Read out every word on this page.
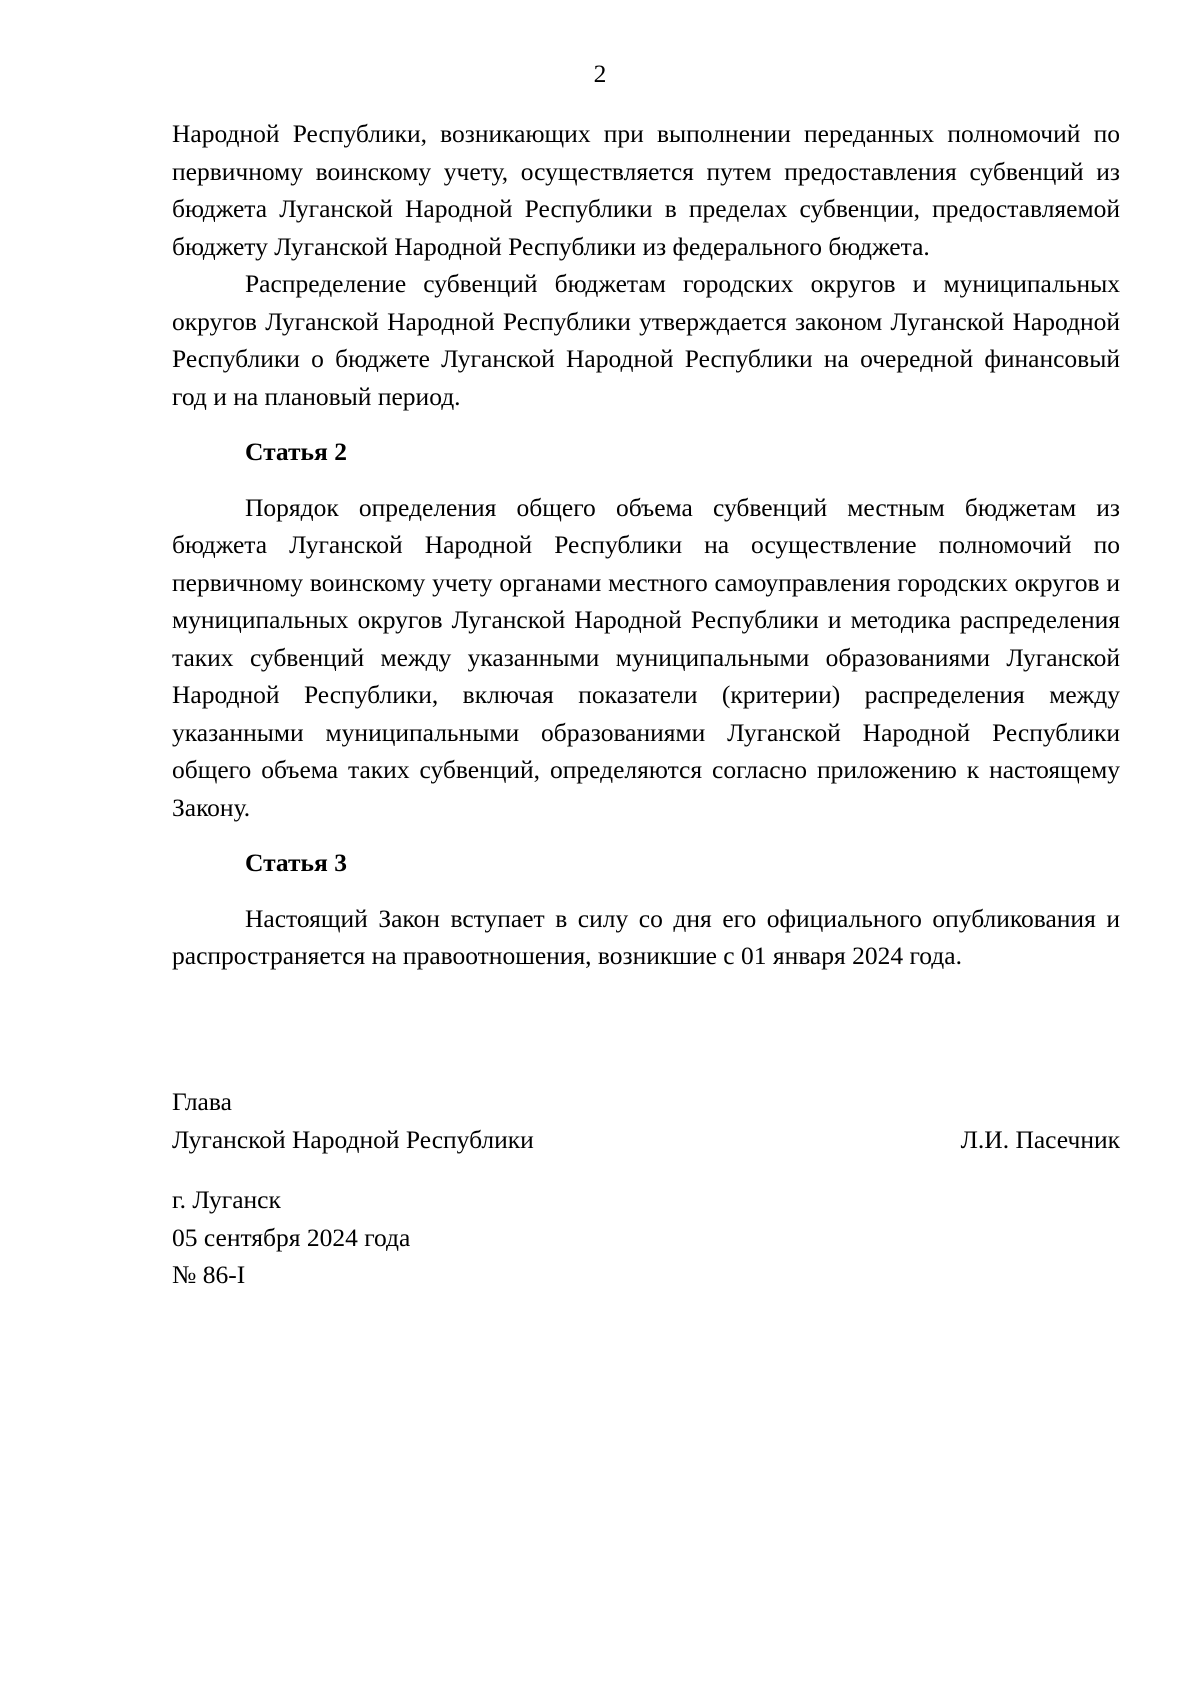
2

Народной Республики, возникающих при выполнении переданных полномочий по первичному воинскому учету, осуществляется путем предоставления субвенций из бюджета Луганской Народной Республики в пределах субвенции, предоставляемой бюджету Луганской Народной Республики из федерального бюджета.

Распределение субвенций бюджетам городских округов и муниципальных округов Луганской Народной Республики утверждается законом Луганской Народной Республики о бюджете Луганской Народной Республики на очередной финансовый год и на плановый период.

Статья 2

Порядок определения общего объема субвенций местным бюджетам из бюджета Луганской Народной Республики на осуществление полномочий по первичному воинскому учету органами местного самоуправления городских округов и муниципальных округов Луганской Народной Республики и методика распределения таких субвенций между указанными муниципальными образованиями Луганской Народной Республики, включая показатели (критерии) распределения между указанными муниципальными образованиями Луганской Народной Республики общего объема таких субвенций, определяются согласно приложению к настоящему Закону.

Статья 3

Настоящий Закон вступает в силу со дня его официального опубликования и распространяется на правоотношения, возникшие с 01 января 2024 года.

Глава
Луганской Народной Республики	Л.И. Пасечник
г. Луганск
05 сентября 2024 года
№ 86-I
